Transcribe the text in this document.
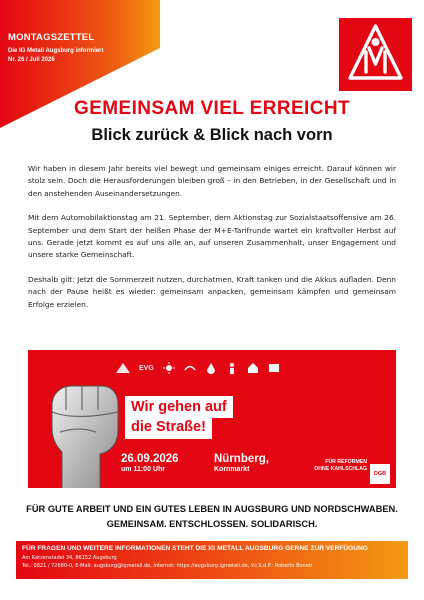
MONTAGSZETTEL
Die IG Metall Augsburg informiert
Nr. 26 / Juli 2026
GEMEINSAM VIEL ERREICHT
Blick zurück & Blick nach vorn

Wir haben in diesem Jahr bereits viel bewegt und gemeinsam einiges erreicht. Darauf können wir stolz sein. Doch die Herausforderungen bleiben groß – in den Betrieben, in der Gesellschaft und in den anstehenden Auseinandersetzungen.

Mit dem Automobilaktionstag am 21. September, dem Aktionstag zur Sozialstaatsoffensive am 26. September und dem Start der heißen Phase der M+E-Tarifrunde wartet ein kraftvoller Herbst auf uns. Gerade jetzt kommt es auf uns alle an, auf unseren Zusammenhalt, unser Engagement und unsere starke Gemeinschaft.

Deshalb gilt: Jetzt die Sommerzeit nutzen, durchatmen, Kraft tanken und die Akkus aufladen. Denn nach der Pause heißt es wieder: gemeinsam anpacken, gemeinsam kämpfen und gemeinsam Erfolge erzielen.

EVG
Wir gehen auf
die Straße!
26.09.2026
um 11:00 Uhr
Nürnberg,
Kornmarkt
FÜR REFORMEN
OHNE KAHLSCHLAG
DGB
FÜR GUTE ARBEIT UND EIN GUTES LEBEN IN AUGSBURG UND NORDSCHWABEN.
GEMEINSAM. ENTSCHLOSSEN. SOLIDARISCH.
FÜR FRAGEN UND WEITERE INFORMATIONEN STEHT DIE IG METALL AUGSBURG GERNE ZUR VERFÜGUNG
Am Katzenstadel 34, 86152 Augsburg
Tel.: 0821 / 72680-0, E-Mail: augsburg@igmetall.de, Internet: https://augsburg.igmetall.de, V.i.S.d.P.: Roberto Boneti
